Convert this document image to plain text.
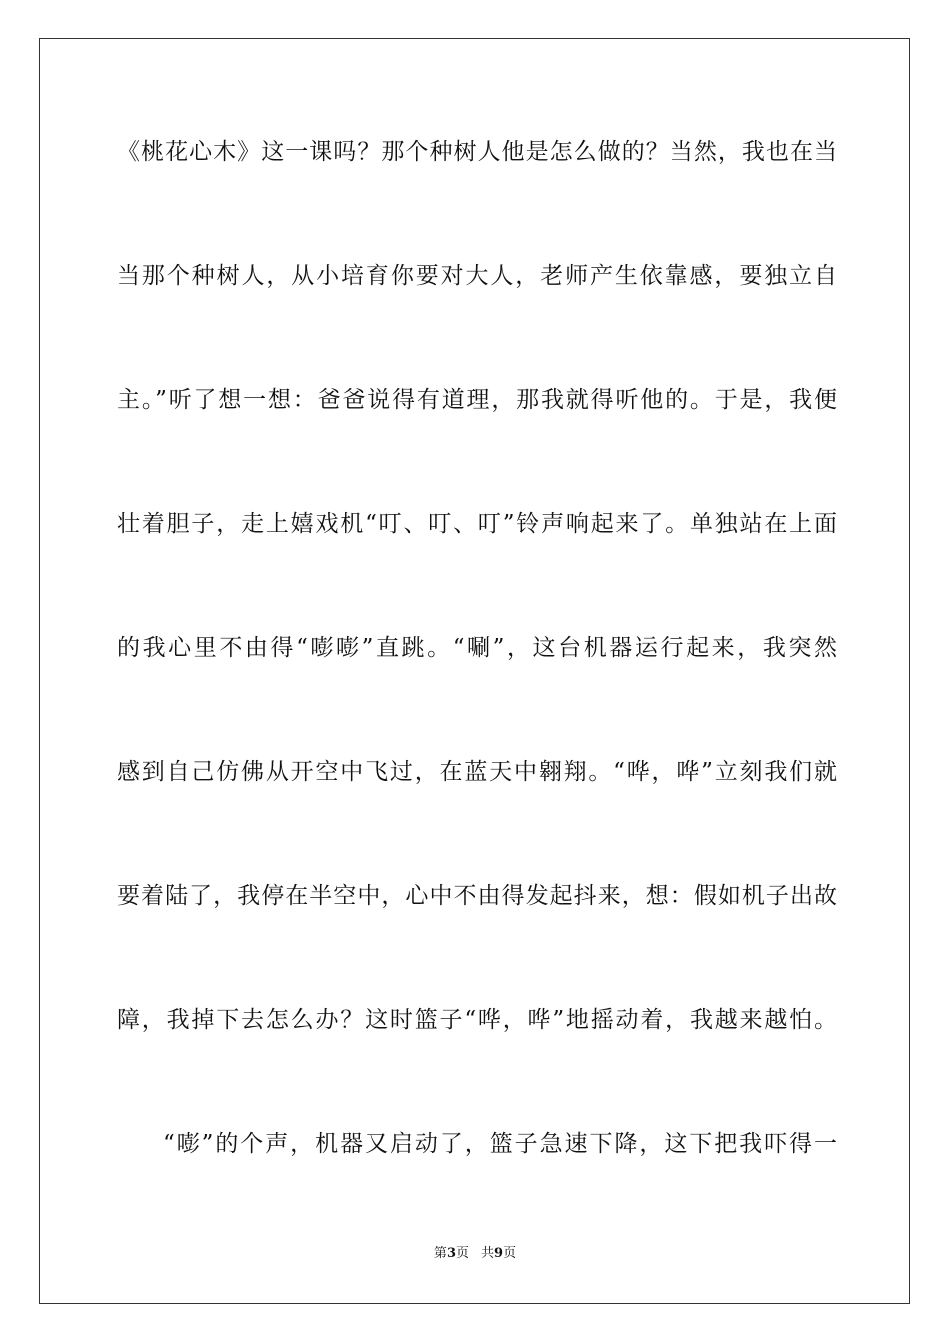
《桃花心木》这一课吗？那个种树人他是怎么做的？当然，我也在当
当那个种树人，从小培育你要对大人，老师产生依靠感，要独立自
主。”听了想一想：爸爸说得有道理，那我就得听他的。于是，我便
壮着胆子，走上嬉戏机“叮、叮、叮”铃声响起来了。单独站在上面
的我心里不由得“嘭嘭”直跳。“唰”，这台机器运行起来，我突然
感到自己仿佛从开空中飞过，在蓝天中翱翔。“哗，哗”立刻我们就
要着陆了，我停在半空中，心中不由得发起抖来，想：假如机子出故
障，我掉下去怎么办？这时篮子“哗，哗”地摇动着，我越来越怕。
“嘭”的个声，机器又启动了，篮子急速下降，这下把我吓得一
第3页 共9页
